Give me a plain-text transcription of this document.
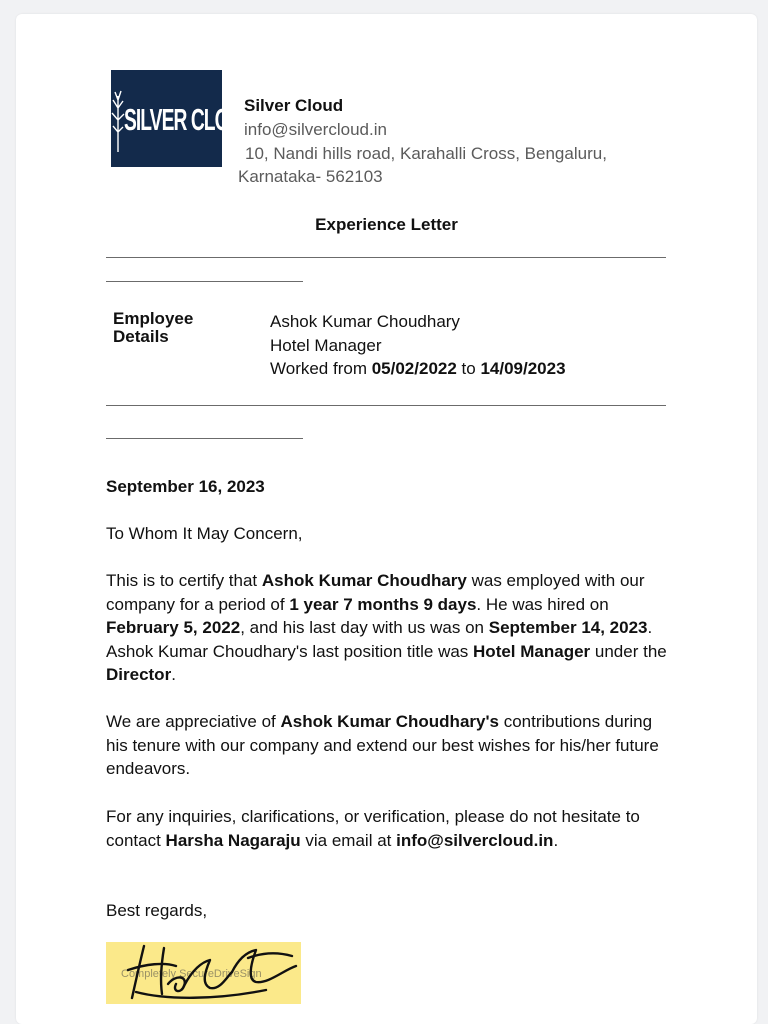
SILVER CLOUD
Silver Cloud
info@silvercloud.in
10, Nandi hills road, Karahalli Cross, Bengaluru,
Karnataka- 562103
Experience Letter
Employee
Details
Ashok Kumar Choudhary
Hotel Manager
Worked from 05/02/2022 to 14/09/2023
September 16, 2023
To Whom It May Concern,

This is to certify that Ashok Kumar Choudhary was employed with our company for a period of 1 year 7 months 9 days. He was hired on February 5, 2022, and his last day with us was on September 14, 2023. Ashok Kumar Choudhary's last position title was Hotel Manager under the Director.

We are appreciative of Ashok Kumar Choudhary's contributions during his tenure with our company and extend our best wishes for his/her future endeavors.

For any inquiries, clarifications, or verification, please do not hesitate to contact Harsha Nagaraju via email at info@silvercloud.in.

Best regards,
Completely SecureDriveSign
